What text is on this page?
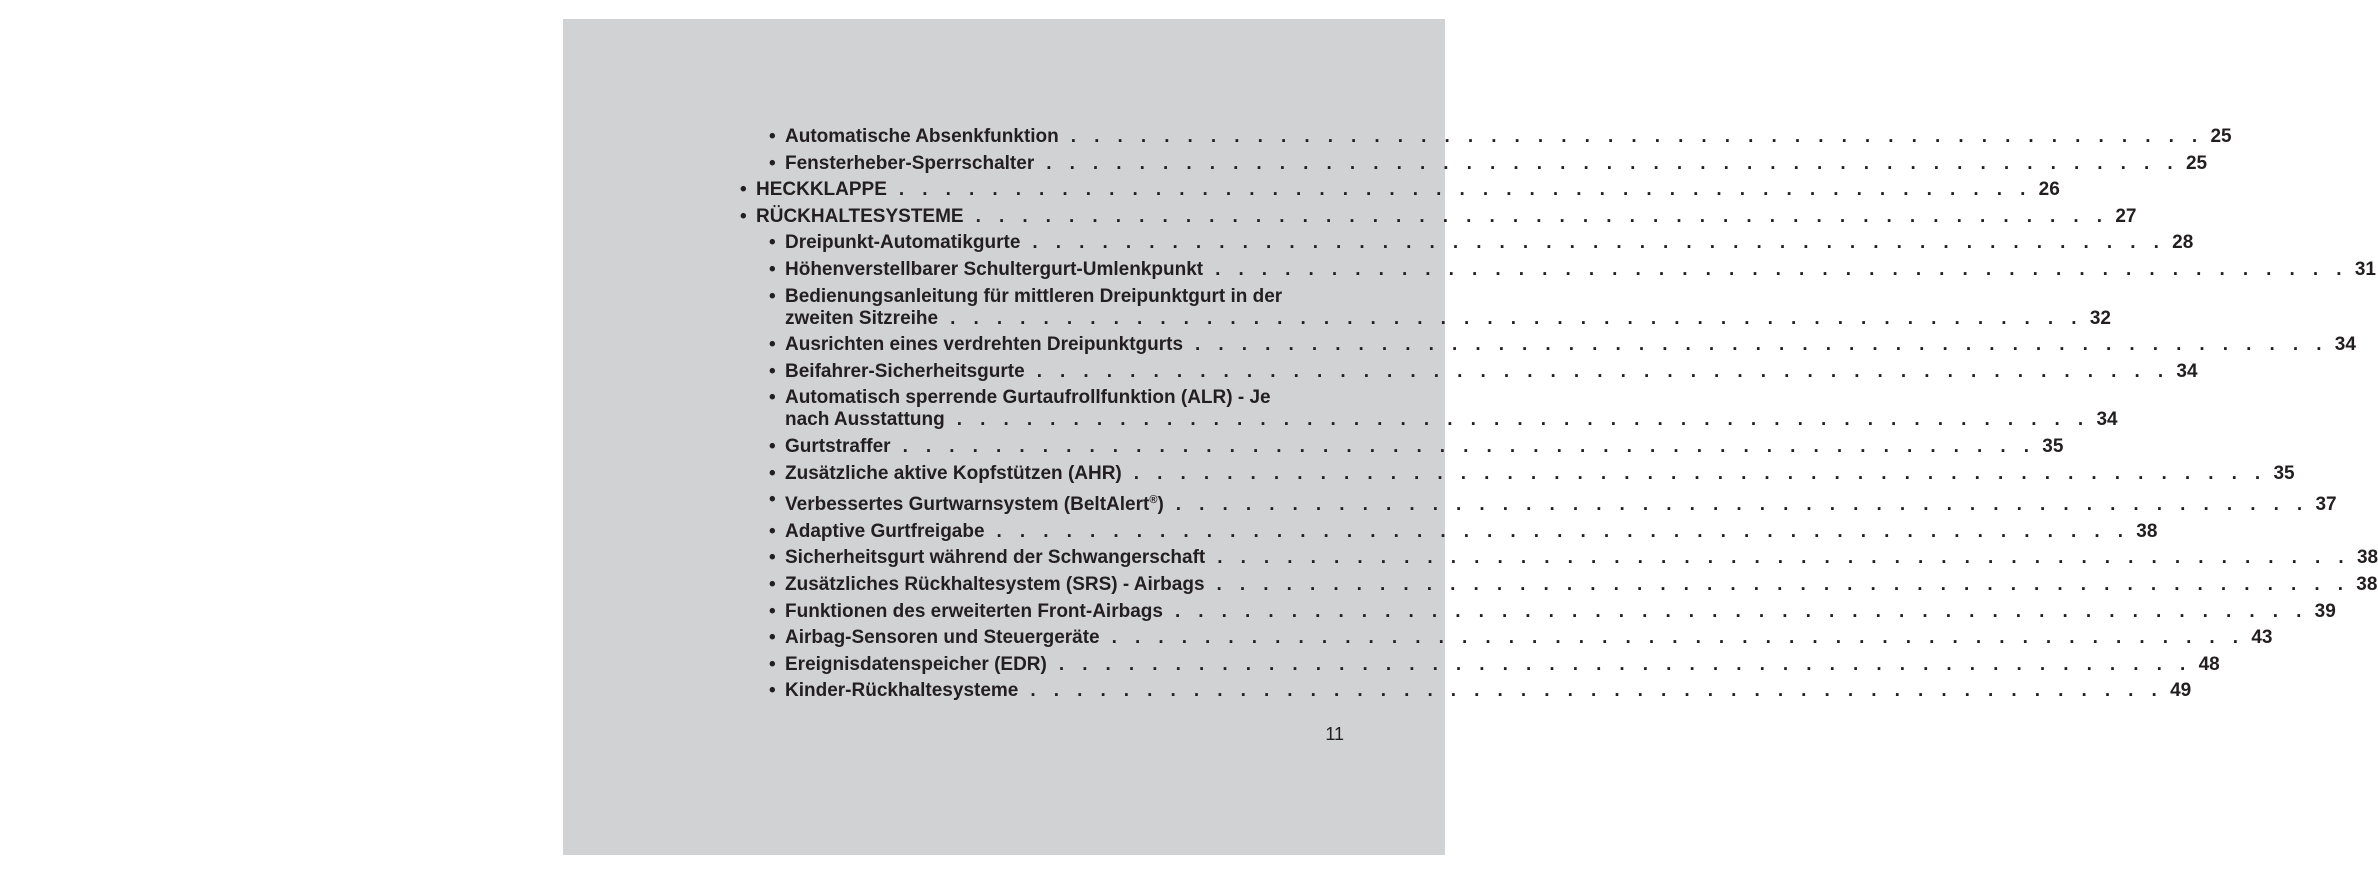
• Automatische Absenkfunktion . . . . . . . . . . . . . . . . . . . . . . . . . . . . . . . . . . . . . . . . . . . . . . . . . 25
• Fensterheber-Sperrschalter . . . . . . . . . . . . . . . . . . . . . . . . . . . . . . . . . . . . . . . . . . . . . . . . . 25
• HECKKLAPPE . . . . . . . . . . . . . . . . . . . . . . . . . . . . . . . . . . . . . . . . . . . . . . . . . 26
• RÜCKHALTESYSTEME . . . . . . . . . . . . . . . . . . . . . . . . . . . . . . . . . . . . . . . . . . . . . . . . . 27
• Dreipunkt-Automatikgurte . . . . . . . . . . . . . . . . . . . . . . . . . . . . . . . . . . . . . . . . . . . . . . . . . 28
• Höhenverstellbarer Schultergurt-Umlenkpunkt . . . . . . . . . . . . . . . . . . . . . . . . . . . . . . . . . . . . . . . . . . . . . . . . . 31
• Bedienungsanleitung für mittleren Dreipunktgurt in der
zweiten Sitzreihe . . . . . . . . . . . . . . . . . . . . . . . . . . . . . . . . . . . . . . . . . . . . . . . . . 32
• Ausrichten eines verdrehten Dreipunktgurts . . . . . . . . . . . . . . . . . . . . . . . . . . . . . . . . . . . . . . . . . . . . . . . . . 34
• Beifahrer-Sicherheitsgurte . . . . . . . . . . . . . . . . . . . . . . . . . . . . . . . . . . . . . . . . . . . . . . . . . 34
• Automatisch sperrende Gurtaufrollfunktion (ALR) - Je
nach Ausstattung . . . . . . . . . . . . . . . . . . . . . . . . . . . . . . . . . . . . . . . . . . . . . . . . . 34
• Gurtstraffer . . . . . . . . . . . . . . . . . . . . . . . . . . . . . . . . . . . . . . . . . . . . . . . . . 35
• Zusätzliche aktive Kopfstützen (AHR) . . . . . . . . . . . . . . . . . . . . . . . . . . . . . . . . . . . . . . . . . . . . . . . . . 35
• Verbessertes Gurtwarnsystem (BeltAlert®) . . . . . . . . . . . . . . . . . . . . . . . . . . . . . . . . . . . . . . . . . . . . . . . . . 37
• Adaptive Gurtfreigabe . . . . . . . . . . . . . . . . . . . . . . . . . . . . . . . . . . . . . . . . . . . . . . . . . 38
• Sicherheitsgurt während der Schwangerschaft . . . . . . . . . . . . . . . . . . . . . . . . . . . . . . . . . . . . . . . . . . . . . . . . . 38
• Zusätzliches Rückhaltesystem (SRS) - Airbags . . . . . . . . . . . . . . . . . . . . . . . . . . . . . . . . . . . . . . . . . . . . . . . . . 38
• Funktionen des erweiterten Front-Airbags . . . . . . . . . . . . . . . . . . . . . . . . . . . . . . . . . . . . . . . . . . . . . . . . . 39
• Airbag-Sensoren und Steuergeräte . . . . . . . . . . . . . . . . . . . . . . . . . . . . . . . . . . . . . . . . . . . . . . . . . 43
• Ereignisdatenspeicher (EDR) . . . . . . . . . . . . . . . . . . . . . . . . . . . . . . . . . . . . . . . . . . . . . . . . . 48
• Kinder-Rückhaltesysteme . . . . . . . . . . . . . . . . . . . . . . . . . . . . . . . . . . . . . . . . . . . . . . . . . 49
11
